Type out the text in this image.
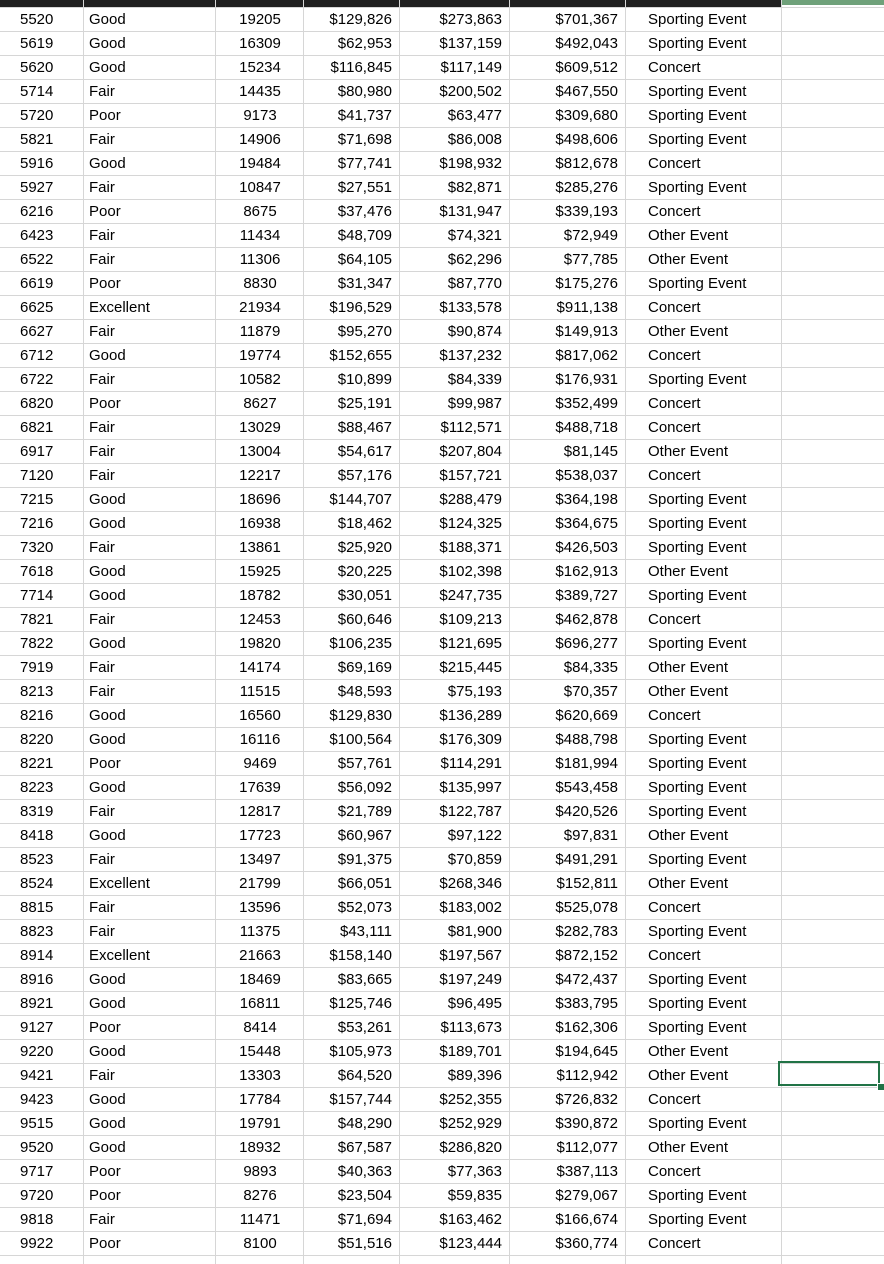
5520	Good	19205	$129,826	$273,863	$701,367	Sporting Event
5619	Good	16309	$62,953	$137,159	$492,043	Sporting Event
5620	Good	15234	$116,845	$117,149	$609,512	Concert
5714	Fair	14435	$80,980	$200,502	$467,550	Sporting Event
5720	Poor	9173	$41,737	$63,477	$309,680	Sporting Event
5821	Fair	14906	$71,698	$86,008	$498,606	Sporting Event
5916	Good	19484	$77,741	$198,932	$812,678	Concert
5927	Fair	10847	$27,551	$82,871	$285,276	Sporting Event
6216	Poor	8675	$37,476	$131,947	$339,193	Concert
6423	Fair	11434	$48,709	$74,321	$72,949	Other Event
6522	Fair	11306	$64,105	$62,296	$77,785	Other Event
6619	Poor	8830	$31,347	$87,770	$175,276	Sporting Event
6625	Excellent	21934	$196,529	$133,578	$911,138	Concert
6627	Fair	11879	$95,270	$90,874	$149,913	Other Event
6712	Good	19774	$152,655	$137,232	$817,062	Concert
6722	Fair	10582	$10,899	$84,339	$176,931	Sporting Event
6820	Poor	8627	$25,191	$99,987	$352,499	Concert
6821	Fair	13029	$88,467	$112,571	$488,718	Concert
6917	Fair	13004	$54,617	$207,804	$81,145	Other Event
7120	Fair	12217	$57,176	$157,721	$538,037	Concert
7215	Good	18696	$144,707	$288,479	$364,198	Sporting Event
7216	Good	16938	$18,462	$124,325	$364,675	Sporting Event
7320	Fair	13861	$25,920	$188,371	$426,503	Sporting Event
7618	Good	15925	$20,225	$102,398	$162,913	Other Event
7714	Good	18782	$30,051	$247,735	$389,727	Sporting Event
7821	Fair	12453	$60,646	$109,213	$462,878	Concert
7822	Good	19820	$106,235	$121,695	$696,277	Sporting Event
7919	Fair	14174	$69,169	$215,445	$84,335	Other Event
8213	Fair	11515	$48,593	$75,193	$70,357	Other Event
8216	Good	16560	$129,830	$136,289	$620,669	Concert
8220	Good	16116	$100,564	$176,309	$488,798	Sporting Event
8221	Poor	9469	$57,761	$114,291	$181,994	Sporting Event
8223	Good	17639	$56,092	$135,997	$543,458	Sporting Event
8319	Fair	12817	$21,789	$122,787	$420,526	Sporting Event
8418	Good	17723	$60,967	$97,122	$97,831	Other Event
8523	Fair	13497	$91,375	$70,859	$491,291	Sporting Event
8524	Excellent	21799	$66,051	$268,346	$152,811	Other Event
8815	Fair	13596	$52,073	$183,002	$525,078	Concert
8823	Fair	11375	$43,111	$81,900	$282,783	Sporting Event
8914	Excellent	21663	$158,140	$197,567	$872,152	Concert
8916	Good	18469	$83,665	$197,249	$472,437	Sporting Event
8921	Good	16811	$125,746	$96,495	$383,795	Sporting Event
9127	Poor	8414	$53,261	$113,673	$162,306	Sporting Event
9220	Good	15448	$105,973	$189,701	$194,645	Other Event
9421	Fair	13303	$64,520	$89,396	$112,942	Other Event
9423	Good	17784	$157,744	$252,355	$726,832	Concert
9515	Good	19791	$48,290	$252,929	$390,872	Sporting Event
9520	Good	18932	$67,587	$286,820	$112,077	Other Event
9717	Poor	9893	$40,363	$77,363	$387,113	Concert
9720	Poor	8276	$23,504	$59,835	$279,067	Sporting Event
9818	Fair	11471	$71,694	$163,462	$166,674	Sporting Event
9922	Poor	8100	$51,516	$123,444	$360,774	Concert
